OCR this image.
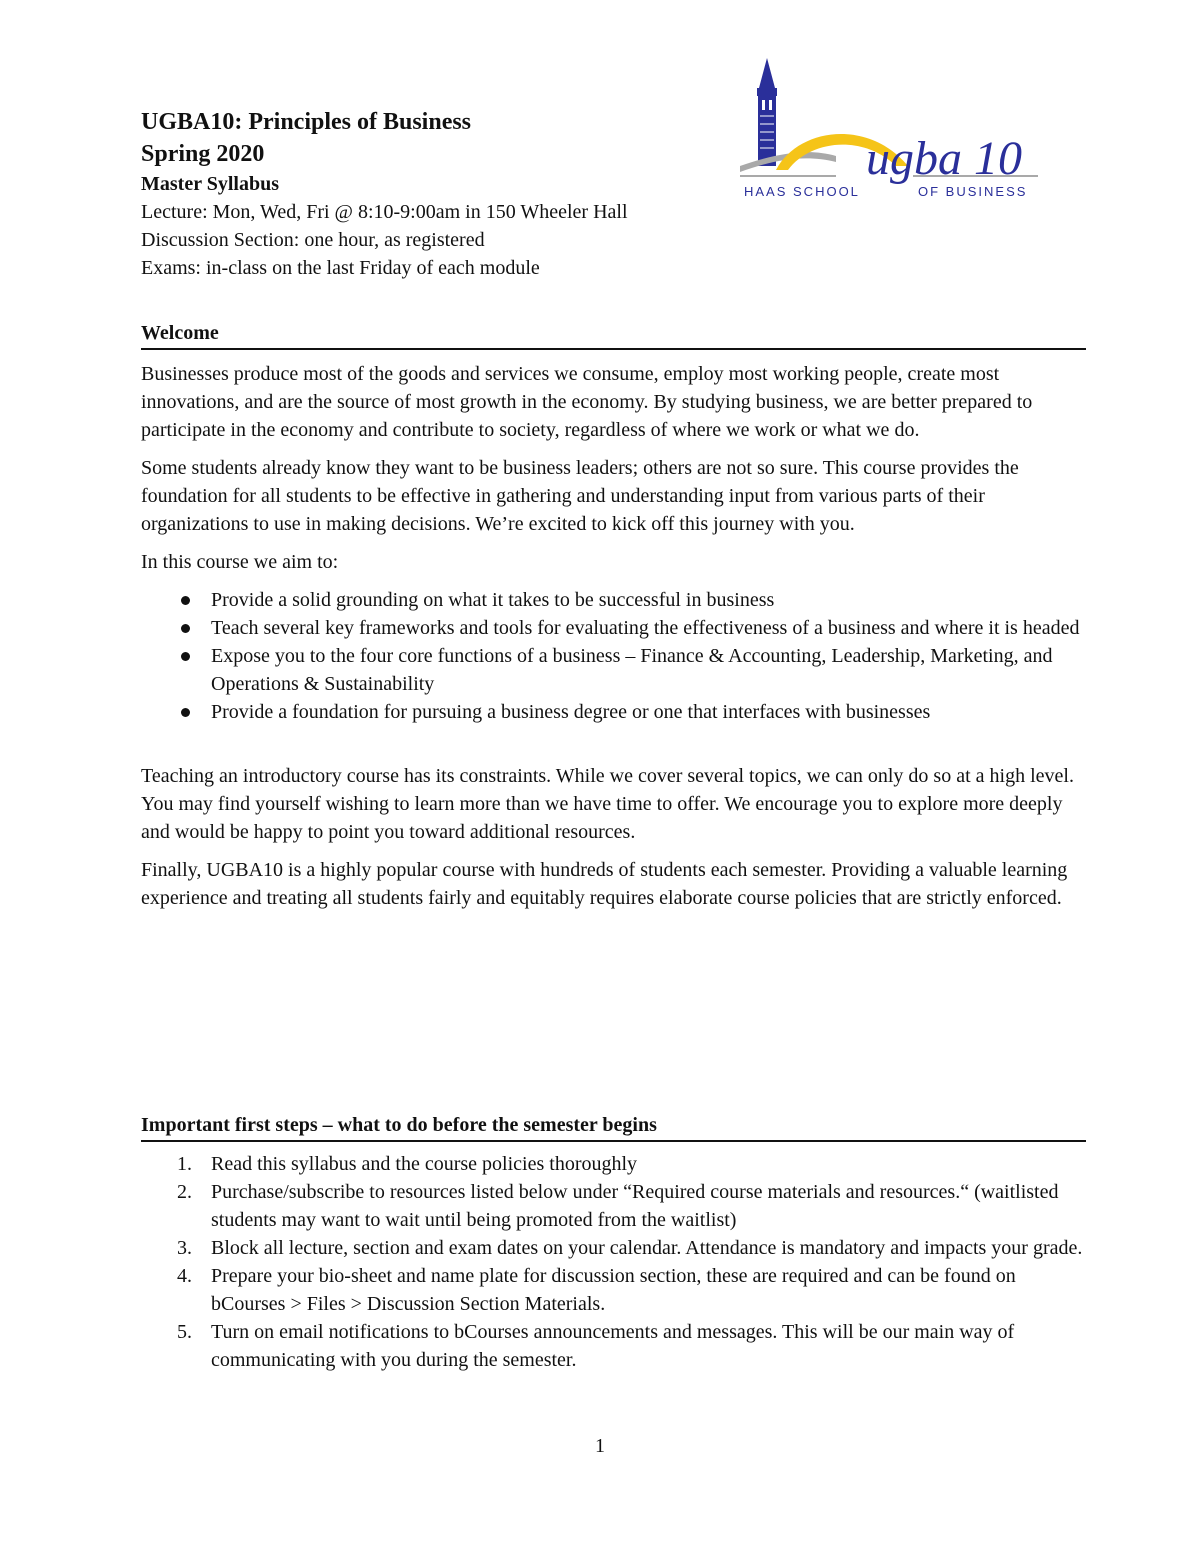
UGBA10: Principles of Business

Spring 2020

Master Syllabus

Lecture: Mon, Wed, Fri @ 8:10-9:00am in 150 Wheeler Hall

Discussion Section: one hour, as registered

Exams: in-class on the last Friday of each module

ugba 10
HAAS SCHOOL	OF BUSINESS
Welcome

Businesses produce most of the goods and services we consume, employ most working people, create most innovations, and are the source of most growth in the economy. By studying business, we are better prepared to participate in the economy and contribute to society, regardless of where we work or what we do.

Some students already know they want to be business leaders; others are not so sure. This course provides the foundation for all students to be effective in gathering and understanding input from various parts of their organizations to use in making decisions. We’re excited to kick off this journey with you.

In this course we aim to:

Provide a solid grounding on what it takes to be successful in business
Teach several key frameworks and tools for evaluating the effectiveness of a business and where it is headed
Expose you to the four core functions of a business – Finance & Accounting, Leadership, Marketing, and Operations & Sustainability
Provide a foundation for pursuing a business degree or one that interfaces with businesses

Teaching an introductory course has its constraints. While we cover several topics, we can only do so at a high level. You may find yourself wishing to learn more than we have time to offer. We encourage you to explore more deeply and would be happy to point you toward additional resources.

Finally, UGBA10 is a highly popular course with hundreds of students each semester. Providing a valuable learning experience and treating all students fairly and equitably requires elaborate course policies that are strictly enforced.

Important first steps – what to do before the semester begins
1. Read this syllabus and the course policies thoroughly
2. Purchase/subscribe to resources listed below under “Required course materials and resources.“ (waitlisted students may want to wait until being promoted from the waitlist)
3. Block all lecture, section and exam dates on your calendar. Attendance is mandatory and impacts your grade.
4. Prepare your bio-sheet and name plate for discussion section, these are required and can be found on bCourses > Files > Discussion Section Materials.
5. Turn on email notifications to bCourses announcements and messages. This will be our main way of communicating with you during the semester.
1
